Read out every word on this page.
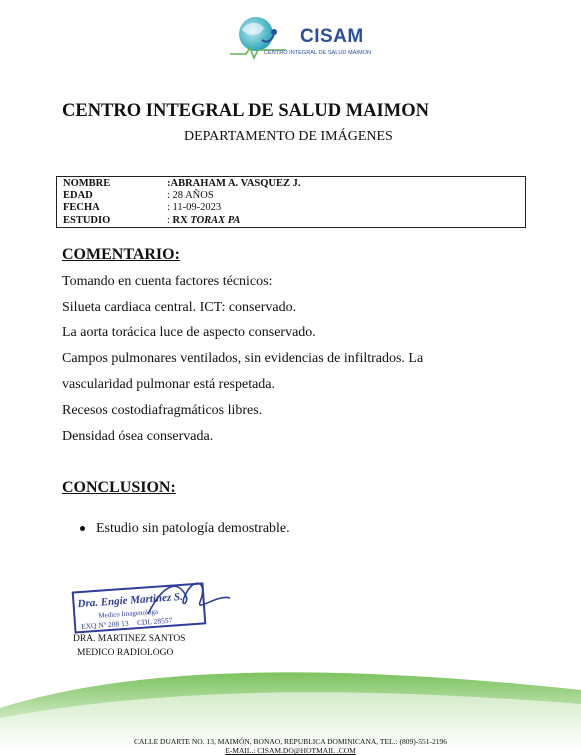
CISAM
CENTRO INTEGRAL DE SALUD MAIMON
CENTRO INTEGRAL DE SALUD MAIMON
DEPARTAMENTO DE IMÁGENES
NOMBRE	:ABRAHAM A. VASQUEZ J.
EDAD	: 28 AÑOS
FECHA	: 11-09-2023
ESTUDIO	: RX TORAX PA
COMENTARIO:
Tomando en cuenta factores técnicos:
Silueta cardiaca central. ICT: conservado.
La aorta torácica luce de aspecto conservado.
Campos pulmonares ventilados, sin evidencias de infiltrados. La
vascularidad pulmonar está respetada.
Recesos costodiafragmáticos libres.
Densidad ósea conservada.
CONCLUSION:
Estudio sin patología demostrable.
Dra. Engie Martinez S.
Medico Imagenologa
EXQ Nº 208 13 CDL 28557
DRA. MARTINEZ SANTOS
MEDICO RADIOLOGO
CALLE DUARTE NO. 13, MAIMÓN, BONAO, REPUBLICA DOMINICANA, TEL.: (809)-551-2196
E-MAIL.: CISAM.DO@HOTMAIL .COM
